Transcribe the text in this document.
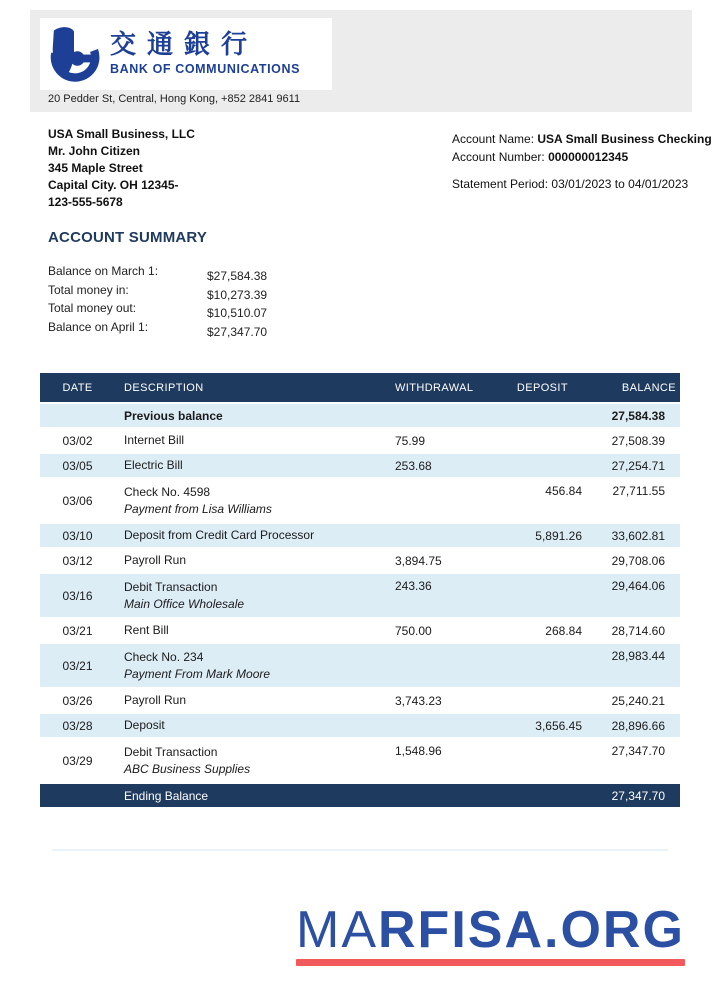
交通銀行
BANK OF COMMUNICATIONS
20 Pedder St, Central, Hong Kong, +852 2841 9611
USA Small Business, LLC
Mr. John Citizen
345 Maple Street
Capital City. OH 12345-
123-555-5678
Account Name: USA Small Business Checking
Account Number: 000000012345
Statement Period: 03/01/2023 to 04/01/2023
ACCOUNT SUMMARY
Balance on March 1:	$27,584.38
Total money in:	$10,273.39
Total money out:	$10,510.07
Balance on April 1:	$27,347.70
DATE	DESCRIPTION	WITHDRAWAL	DEPOSIT	BALANCE
	Previous balance			27,584.38
03/02	Internet Bill	75.99		27,508.39
03/05	Electric Bill	253.68		27,254.71
03/06	Check No. 4598
Payment from Lisa Williams		456.84	27,711.55
03/10	Deposit from Credit Card Processor		5,891.26	33,602.81
03/12	Payroll Run	3,894.75		29,708.06
03/16	Debit Transaction
Main Office Wholesale	243.36		29,464.06
03/21	Rent Bill	750.00	268.84	28,714.60
03/21	Check No. 234
Payment From Mark Moore			28,983.44
03/26	Payroll Run	3,743.23		25,240.21
03/28	Deposit		3,656.45	28,896.66
03/29	Debit Transaction
ABC Business Supplies	1,548.96		27,347.70
	Ending Balance			27,347.70
MARFISA.ORG
